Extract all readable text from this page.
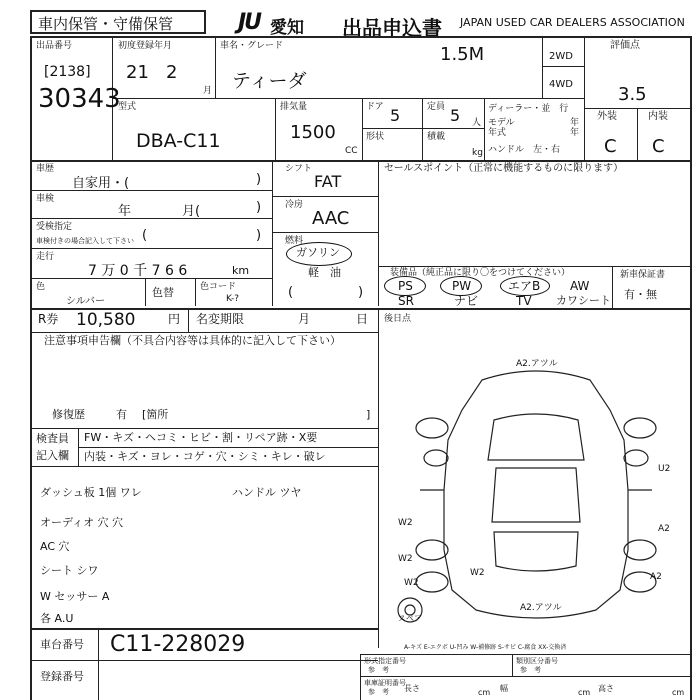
車内保管・守備保管	JU 愛知 出品申込書 JAPAN USED CAR DEALERS ASSOCIATION
出品番号
[2138]
30343
初度登録年月
21 2
月
車名・グレード	1.5M
ティーダ
2WD
4WD
評価点
3.5
外装	内装
C C
型式
DBA-C11
排気量
1500
CC
ドア 5
形状
定員 5 人
積載
kg
ディーラー・並　行
モデル	年
年式	年
ハンドル　左・右
車歴
自家用・(	)
車検
年	月(	)
受検指定
車検付きの場合記入して下さい (	)
走行
7 万 0 千 7 6 6	km
色
シルバー
色替	色コード
K-?
シフト
FAT
冷房
AAC
燃料
ガソリン
軽　油
(	)
セールスポイント（正常に機能するものに限ります）
装備品（純正品に限り〇をつけてください）	新車保証書
有・無
PS	PW	エアB AW
SR	ナビ	TV カワシート
R券 10,580	円 名変期限	月	日 後日点
注意事項申告欄（不具合内容等は具体的に記入して下さい）
修復歴	有 [箇所	]
検査員
記入欄
FW・キズ・ヘコミ・ヒビ・割・リペア跡・X要
内装・キズ・ヨレ・コゲ・穴・シミ・キレ・破レ
ダッシュ板 1個 ワレ	ハンドル ツヤ
オーディオ 穴 穴
AC 穴
シート シワ
W セッサー A
各 A.U
車台番号 C11-228029
登録番号
A2.アツル
U2
W2
A2
W2
W2
A2
A2.アツル
W2
スペア
A-キズ E-エクボ U-凹み W-補修跡 S-サビ C-腐食 XX-交換済
形式指定番号
参　考
類別区分番号
参　考
車庫証明番号
参　考 長さ	cm 幅	cm 高さ	cm
